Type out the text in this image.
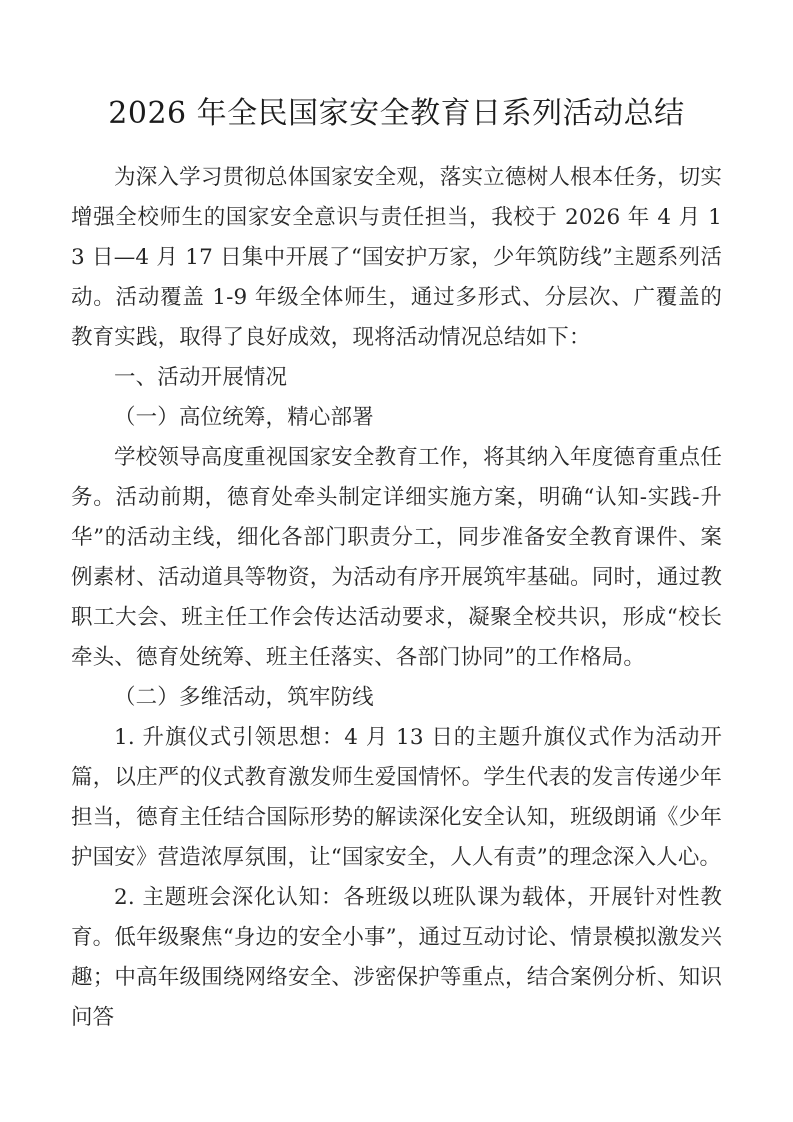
2026 年全民国家安全教育日系列活动总结

为深入学习贯彻总体国家安全观，落实立德树人根本任务，切实增强全校师生的国家安全意识与责任担当，我校于 2026 年 4 月 13 日—4 月 17 日集中开展了“国安护万家，少年筑防线”主题系列活动。活动覆盖 1-9 年级全体师生，通过多形式、分层次、广覆盖的教育实践，取得了良好成效，现将活动情况总结如下：

一、活动开展情况

（一）高位统筹，精心部署

学校领导高度重视国家安全教育工作，将其纳入年度德育重点任务。活动前期，德育处牵头制定详细实施方案，明确“认知-实践-升华”的活动主线，细化各部门职责分工，同步准备安全教育课件、案例素材、活动道具等物资，为活动有序开展筑牢基础。同时，通过教职工大会、班主任工作会传达活动要求，凝聚全校共识，形成“校长牵头、德育处统筹、班主任落实、各部门协同”的工作格局。

（二）多维活动，筑牢防线

1. 升旗仪式引领思想：4 月 13 日的主题升旗仪式作为活动开篇，以庄严的仪式教育激发师生爱国情怀。学生代表的发言传递少年担当，德育主任结合国际形势的解读深化安全认知，班级朗诵《少年护国安》营造浓厚氛围，让“国家安全，人人有责”的理念深入人心。

2. 主题班会深化认知：各班级以班队课为载体，开展针对性教育。低年级聚焦“身边的安全小事”，通过互动讨论、情景模拟激发兴趣；中高年级围绕网络安全、涉密保护等重点，结合案例分析、知识问答
